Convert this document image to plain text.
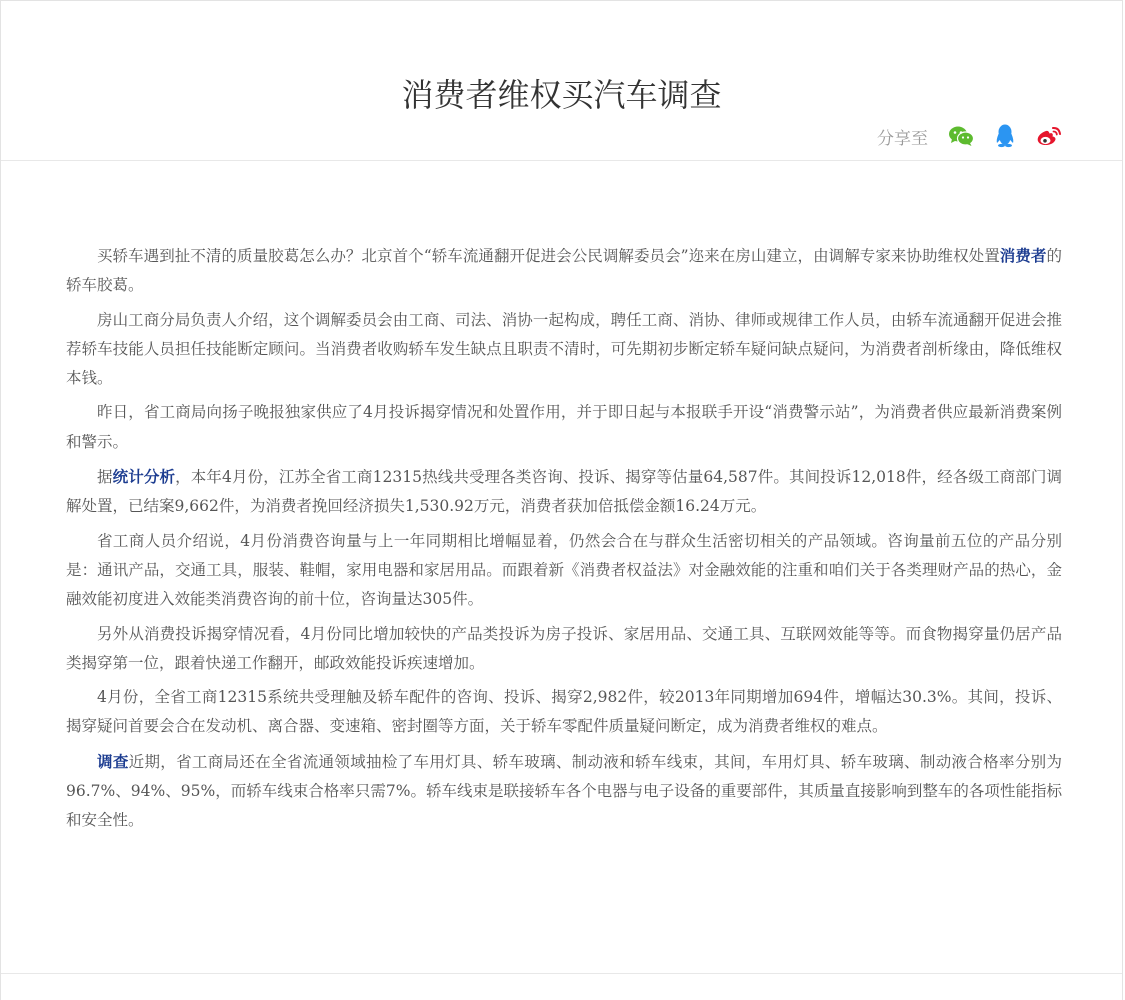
消费者维权买汽车调查
分享至

买轿车遇到扯不清的质量胶葛怎么办？北京首个“轿车流通翻开促进会公民调解委员会”迩来在房山建立，由调解专家来协助维权处置消费者的轿车胶葛。

房山工商分局负责人介绍，这个调解委员会由工商、司法、消协一起构成，聘任工商、消协、律师或规律工作人员，由轿车流通翻开促进会推荐轿车技能人员担任技能断定顾问。当消费者收购轿车发生缺点且职责不清时，可先期初步断定轿车疑问缺点疑问，为消费者剖析缘由，降低维权本钱。

昨日，省工商局向扬子晚报独家供应了4月投诉揭穿情况和处置作用，并于即日起与本报联手开设“消费警示站”，为消费者供应最新消费案例和警示。

据统计分析，本年4月份，江苏全省工商12315热线共受理各类咨询、投诉、揭穿等估量64,587件。其间投诉12,018件，经各级工商部门调解处置，已结案9,662件，为消费者挽回经济损失1,530.92万元，消费者获加倍抵偿金额16.24万元。

省工商人员介绍说，4月份消费咨询量与上一年同期相比增幅显着，仍然会合在与群众生活密切相关的产品领域。咨询量前五位的产品分别是：通讯产品，交通工具，服装、鞋帽，家用电器和家居用品。而跟着新《消费者权益法》对金融效能的注重和咱们关于各类理财产品的热心，金融效能初度进入效能类消费咨询的前十位，咨询量达305件。

另外从消费投诉揭穿情况看，4月份同比增加较快的产品类投诉为房子投诉、家居用品、交通工具、互联网效能等等。而食物揭穿量仍居产品类揭穿第一位，跟着快递工作翻开，邮政效能投诉疾速增加。

4月份，全省工商12315系统共受理触及轿车配件的咨询、投诉、揭穿2,982件，较2013年同期增加694件，增幅达30.3%。其间，投诉、揭穿疑问首要会合在发动机、离合器、变速箱、密封圈等方面，关于轿车零配件质量疑问断定，成为消费者维权的难点。

调查近期，省工商局还在全省流通领域抽检了车用灯具、轿车玻璃、制动液和轿车线束，其间，车用灯具、轿车玻璃、制动液合格率分别为96.7%、94%、95%，而轿车线束合格率只需7%。轿车线束是联接轿车各个电器与电子设备的重要部件，其质量直接影响到整车的各项性能指标和安全性。
